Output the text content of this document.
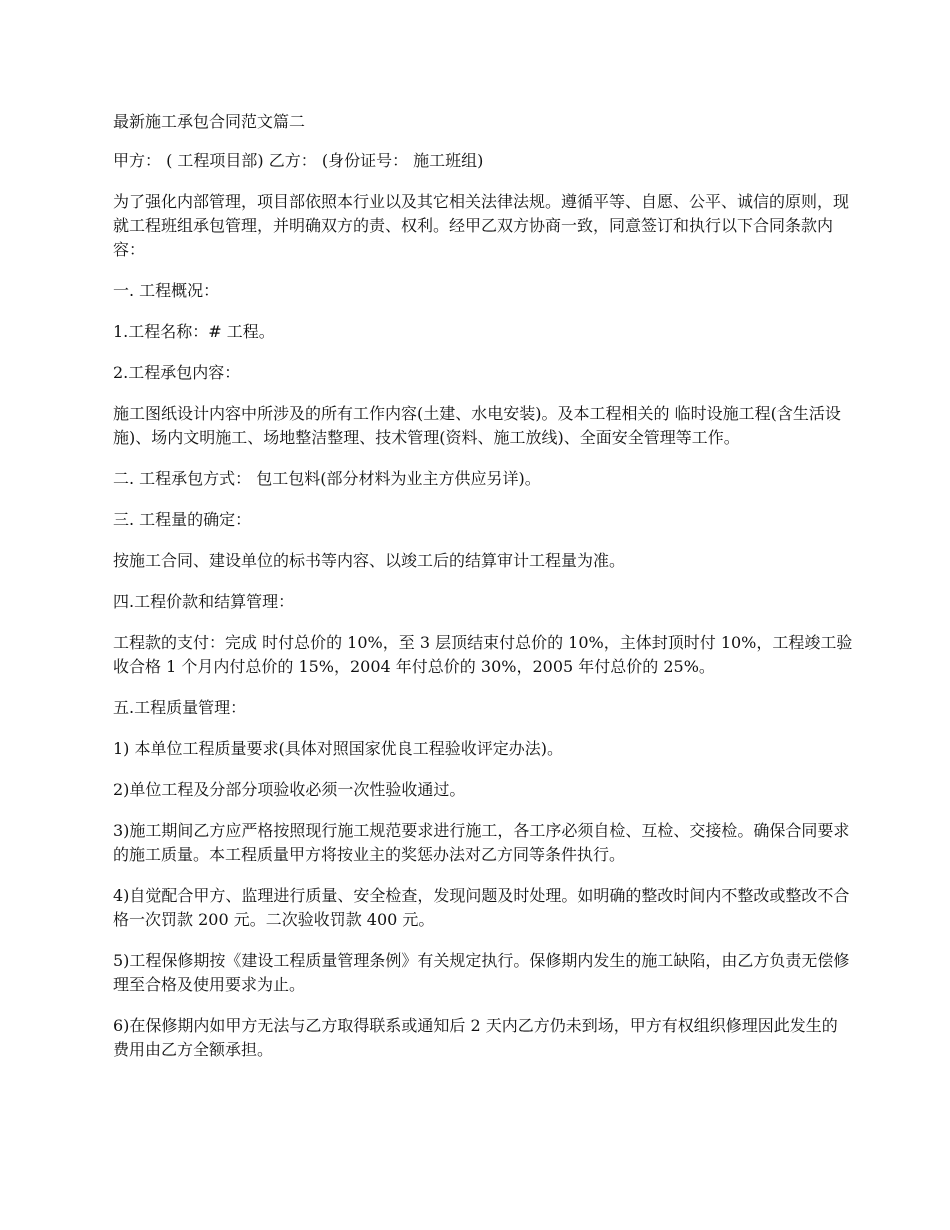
最新施工承包合同范文篇二

甲方： ( 工程项目部) 乙方： (身份证号： 施工班组)

为了强化内部管理，项目部依照本行业以及其它相关法律法规。遵循平等、自愿、公平、诚信的原则，现就工程班组承包管理，并明确双方的责、权利。经甲乙双方协商一致，同意签订和执行以下合同条款内容：

一. 工程概况：

1.工程名称：# 工程。

2.工程承包内容：

施工图纸设计内容中所涉及的所有工作内容(土建、水电安装)。及本工程相关的 临时设施工程(含生活设施)、场内文明施工、场地整洁整理、技术管理(资料、施工放线)、全面安全管理等工作。

二. 工程承包方式： 包工包料(部分材料为业主方供应另详)。

三. 工程量的确定：

按施工合同、建设单位的标书等内容、以竣工后的结算审计工程量为准。

四.工程价款和结算管理：

工程款的支付：完成 时付总价的 10%，至 3 层顶结束付总价的 10%，主体封顶时付 10%，工程竣工验收合格 1 个月内付总价的 15%，2004 年付总价的 30%，2005 年付总价的 25%。

五.工程质量管理：

1) 本单位工程质量要求(具体对照国家优良工程验收评定办法)。

2)单位工程及分部分项验收必须一次性验收通过。

3)施工期间乙方应严格按照现行施工规范要求进行施工，各工序必须自检、互检、交接检。确保合同要求的施工质量。本工程质量甲方将按业主的奖惩办法对乙方同等条件执行。

4)自觉配合甲方、监理进行质量、安全检查，发现问题及时处理。如明确的整改时间内不整改或整改不合格一次罚款 200 元。二次验收罚款 400 元。

5)工程保修期按《建设工程质量管理条例》有关规定执行。保修期内发生的施工缺陷，由乙方负责无偿修理至合格及使用要求为止。

6)在保修期内如甲方无法与乙方取得联系或通知后 2 天内乙方仍未到场，甲方有权组织修理因此发生的费用由乙方全额承担。
